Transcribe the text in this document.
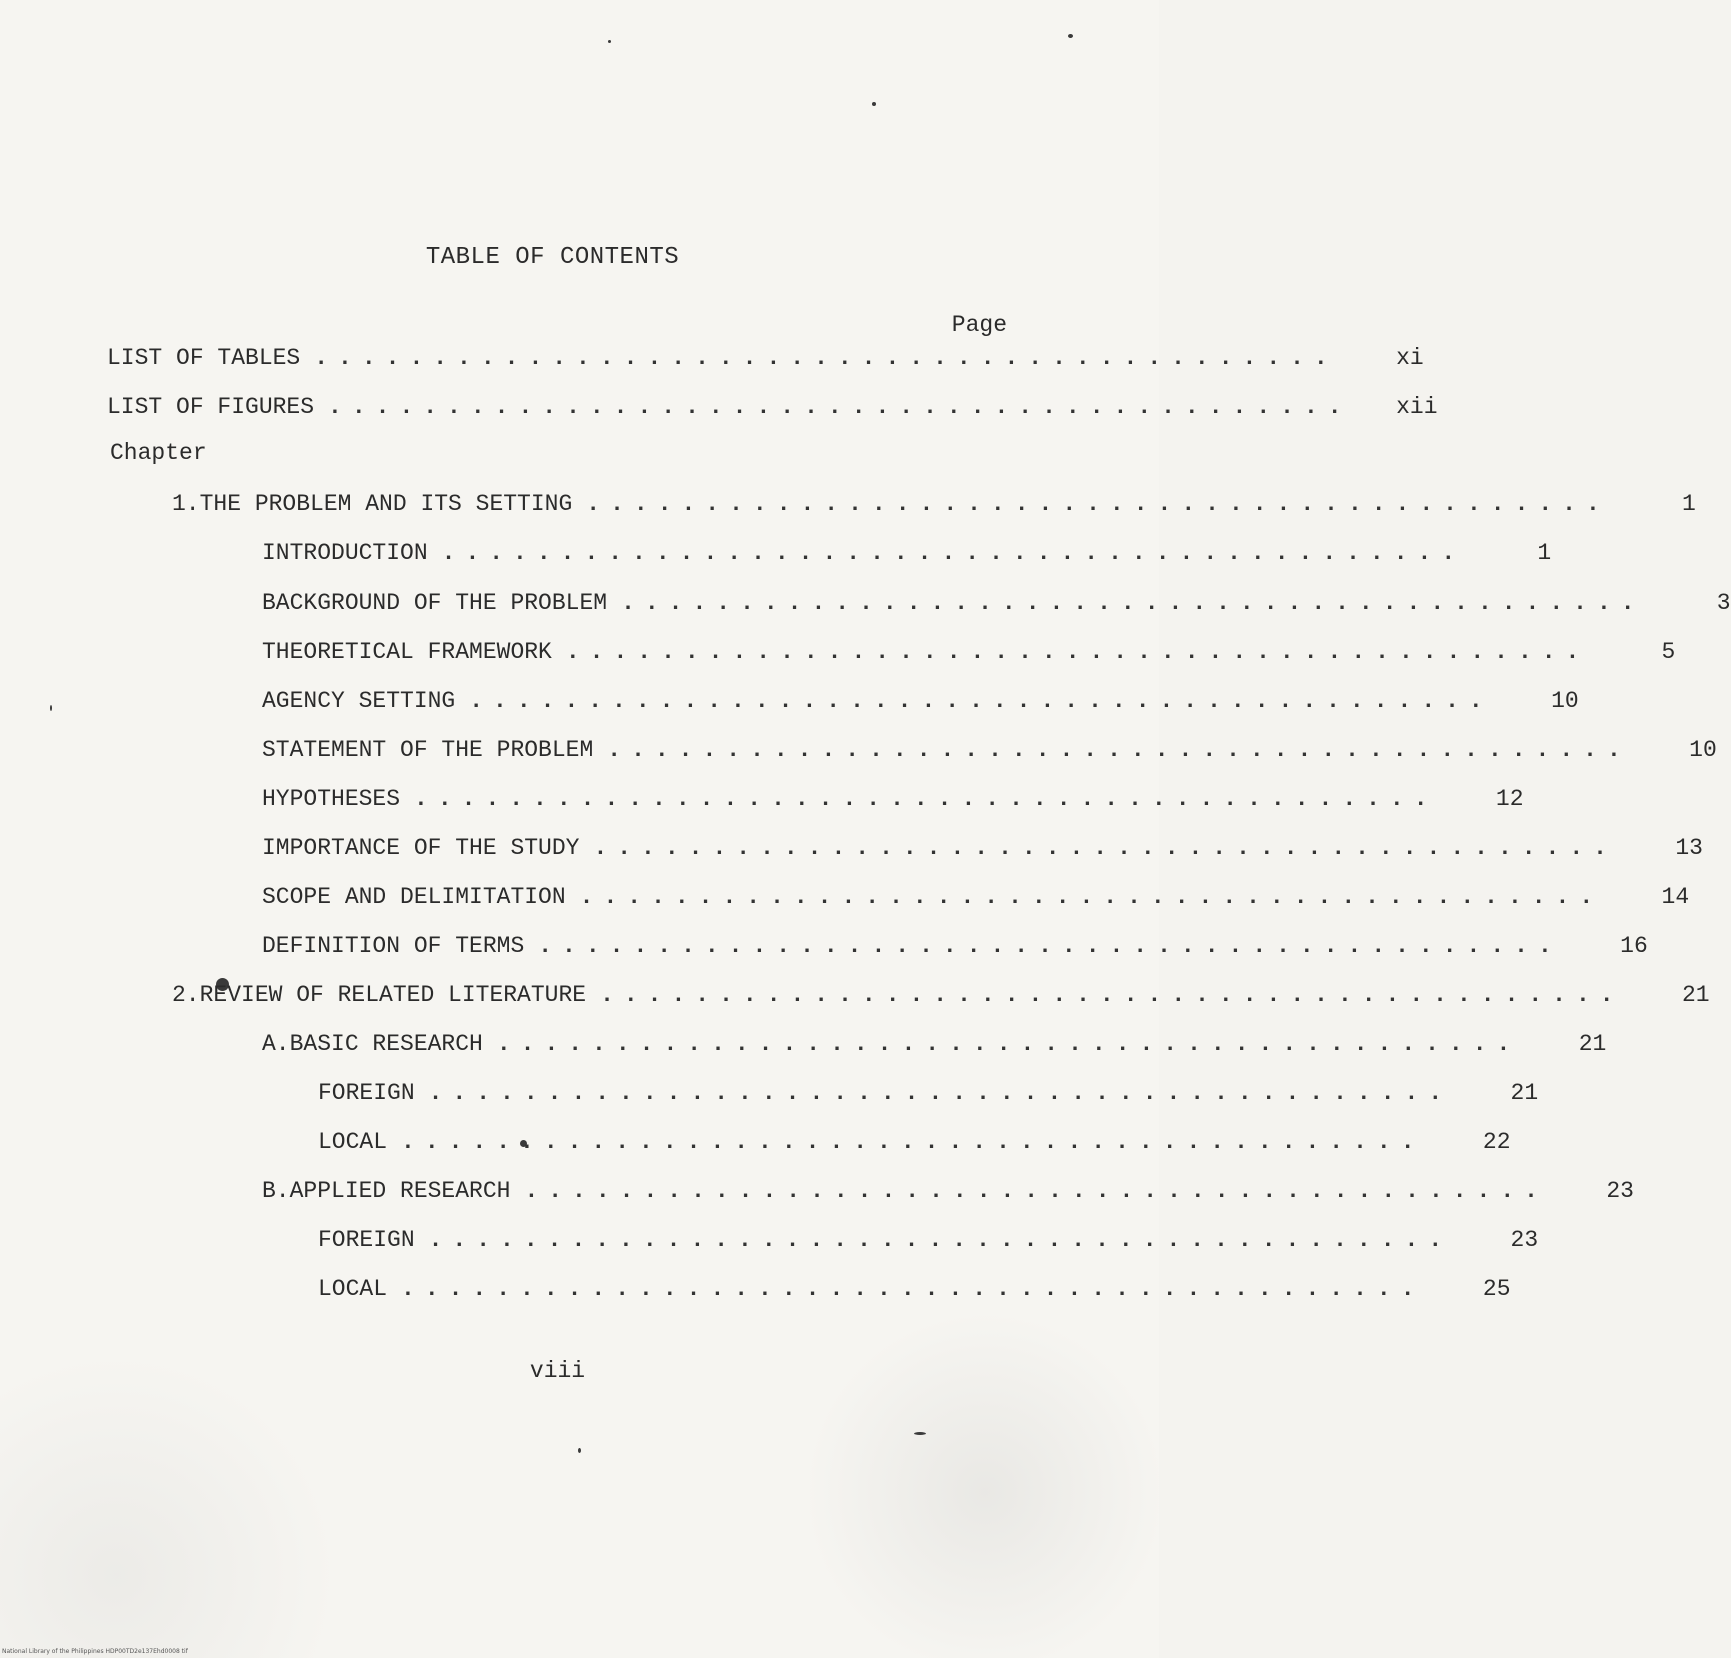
TABLE OF CONTENTS
Page
LIST OF TABLES ...........................................	xi
LIST OF FIGURES ...........................................	xii
Chapter
1. THE PROBLEM AND ITS SETTING ...........................................	1
INTRODUCTION ...........................................	1
BACKGROUND OF THE PROBLEM ...........................................	3
THEORETICAL FRAMEWORK ...........................................	5
AGENCY SETTING ...........................................	10
STATEMENT OF THE PROBLEM ...........................................	10
HYPOTHESES ...........................................	12
IMPORTANCE OF THE STUDY ...........................................	13
SCOPE AND DELIMITATION ...........................................	14
DEFINITION OF TERMS ...........................................	16
2. REVIEW OF RELATED LITERATURE ...........................................	21
A. BASIC RESEARCH ...........................................	21
FOREIGN ...........................................	21
LOCAL ...........................................	22
B. APPLIED RESEARCH ...........................................	23
FOREIGN ...........................................	23
LOCAL ...........................................	25
viii
National Library of the Philippines HDP00TD2e137Ehd0008 tif
